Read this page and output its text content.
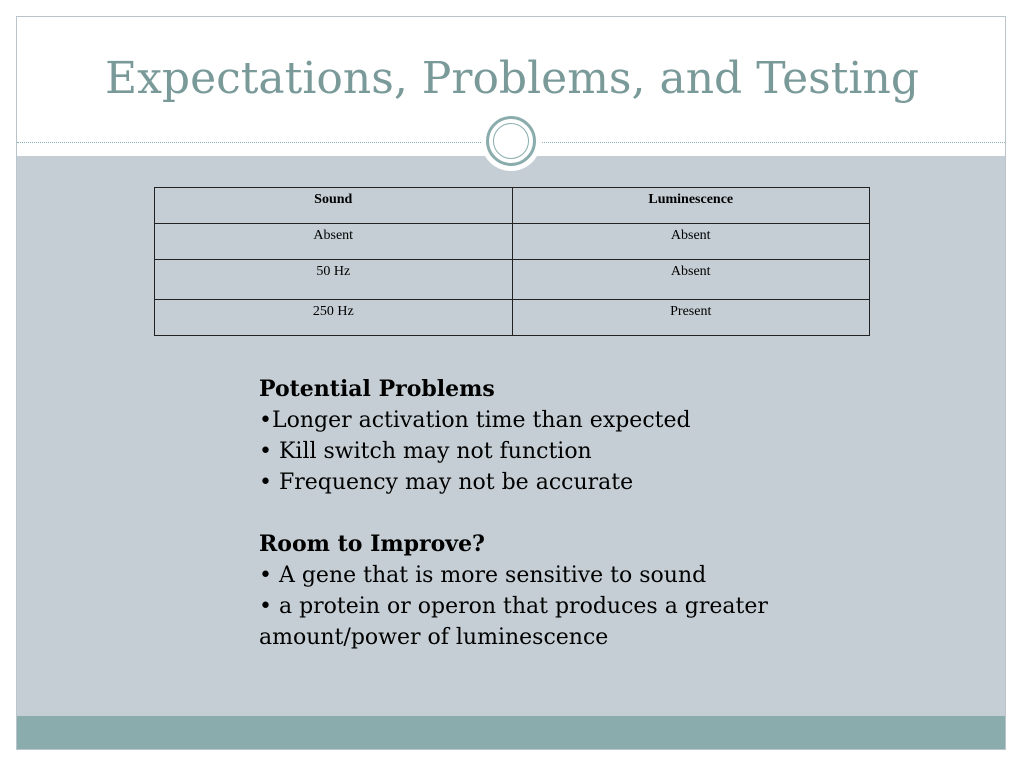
Expectations, Problems, and Testing
Sound	Luminescence
Absent	Absent
50 Hz	Absent
250 Hz	Present
Potential Problems
•Longer activation time than expected
• Kill switch may not function
• Frequency may not be accurate
Room to Improve?
• A gene that is more sensitive to sound
• a protein or operon that produces a greater amount/power of luminescence
